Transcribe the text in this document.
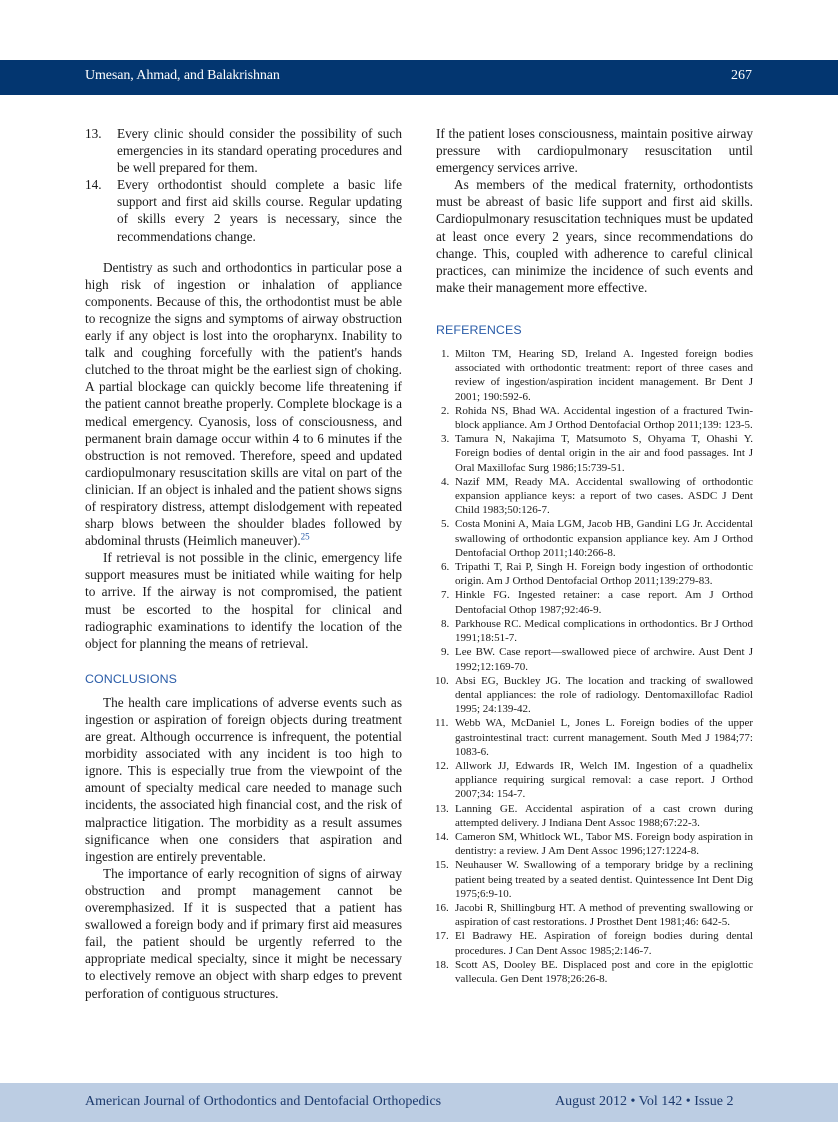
Umesan, Ahmad, and Balakrishnan	267
13. Every clinic should consider the possibility of such emergencies in its standard operating procedures and be well prepared for them.
14. Every orthodontist should complete a basic life support and first aid skills course. Regular updating of skills every 2 years is necessary, since the recommendations change.

Dentistry as such and orthodontics in particular pose a high risk of ingestion or inhalation of appliance components. Because of this, the orthodontist must be able to recognize the signs and symptoms of airway obstruction early if any object is lost into the oropharynx. Inability to talk and coughing forcefully with the patient's hands clutched to the throat might be the earliest sign of choking. A partial blockage can quickly become life threatening if the patient cannot breathe properly. Complete blockage is a medical emergency. Cyanosis, loss of consciousness, and permanent brain damage occur within 4 to 6 minutes if the obstruction is not removed. Therefore, speed and updated cardiopulmonary resuscitation skills are vital on part of the clinician. If an object is inhaled and the patient shows signs of respiratory distress, attempt dislodgement with repeated sharp blows between the shoulder blades followed by abdominal thrusts (Heimlich maneuver).$^{25}$

If retrieval is not possible in the clinic, emergency life support measures must be initiated while waiting for help to arrive. If the airway is not compromised, the patient must be escorted to the hospital for clinical and radiographic examinations to identify the location of the object for planning the means of retrieval.

CONCLUSIONS

The health care implications of adverse events such as ingestion or aspiration of foreign objects during treatment are great. Although occurrence is infrequent, the potential morbidity associated with any incident is too high to ignore. This is especially true from the viewpoint of the amount of specialty medical care needed to manage such incidents, the associated high financial cost, and the risk of malpractice litigation. The morbidity as a result assumes significance when one considers that aspiration and ingestion are entirely preventable.

The importance of early recognition of signs of airway obstruction and prompt management cannot be overemphasized. If it is suspected that a patient has swallowed a foreign body and if primary first aid measures fail, the patient should be urgently referred to the appropriate medical specialty, since it might be necessary to electively remove an object with sharp edges to prevent perforation of contiguous structures.

If the patient loses consciousness, maintain positive airway pressure with cardiopulmonary resuscitation until emergency services arrive.

As members of the medical fraternity, orthodontists must be abreast of basic life support and first aid skills. Cardiopulmonary resuscitation techniques must be updated at least once every 2 years, since recommendations do change. This, coupled with adherence to careful clinical practices, can minimize the incidence of such events and make their management more effective.

REFERENCES
1. Milton TM, Hearing SD, Ireland A. Ingested foreign bodies associated with orthodontic treatment: report of three cases and review of ingestion/aspiration incident management. Br Dent J 2001; 190:592-6.
2. Rohida NS, Bhad WA. Accidental ingestion of a fractured Twin-block appliance. Am J Orthod Dentofacial Orthop 2011;139: 123-5.
3. Tamura N, Nakajima T, Matsumoto S, Ohyama T, Ohashi Y. Foreign bodies of dental origin in the air and food passages. Int J Oral Maxillofac Surg 1986;15:739-51.
4. Nazif MM, Ready MA. Accidental swallowing of orthodontic expansion appliance keys: a report of two cases. ASDC J Dent Child 1983;50:126-7.
5. Costa Monini A, Maia LGM, Jacob HB, Gandini LG Jr. Accidental swallowing of orthodontic expansion appliance key. Am J Orthod Dentofacial Orthop 2011;140:266-8.
6. Tripathi T, Rai P, Singh H. Foreign body ingestion of orthodontic origin. Am J Orthod Dentofacial Orthop 2011;139:279-83.
7. Hinkle FG. Ingested retainer: a case report. Am J Orthod Dentofacial Othop 1987;92:46-9.
8. Parkhouse RC. Medical complications in orthodontics. Br J Orthod 1991;18:51-7.
9. Lee BW. Case report—swallowed piece of archwire. Aust Dent J 1992;12:169-70.
10. Absi EG, Buckley JG. The location and tracking of swallowed dental appliances: the role of radiology. Dentomaxillofac Radiol 1995; 24:139-42.
11. Webb WA, McDaniel L, Jones L. Foreign bodies of the upper gastrointestinal tract: current management. South Med J 1984;77: 1083-6.
12. Allwork JJ, Edwards IR, Welch IM. Ingestion of a quadhelix appliance requiring surgical removal: a case report. J Orthod 2007;34: 154-7.
13. Lanning GE. Accidental aspiration of a cast crown during attempted delivery. J Indiana Dent Assoc 1988;67:22-3.
14. Cameron SM, Whitlock WL, Tabor MS. Foreign body aspiration in dentistry: a review. J Am Dent Assoc 1996;127:1224-8.
15. Neuhauser W. Swallowing of a temporary bridge by a reclining patient being treated by a seated dentist. Quintessence Int Dent Dig 1975;6:9-10.
16. Jacobi R, Shillingburg HT. A method of preventing swallowing or aspiration of cast restorations. J Prosthet Dent 1981;46: 642-5.
17. El Badrawy HE. Aspiration of foreign bodies during dental procedures. J Can Dent Assoc 1985;2:146-7.
18. Scott AS, Dooley BE. Displaced post and core in the epiglottic vallecula. Gen Dent 1978;26:26-8.
American Journal of Orthodontics and Dentofacial Orthopedics	August 2012 • Vol 142 • Issue 2
